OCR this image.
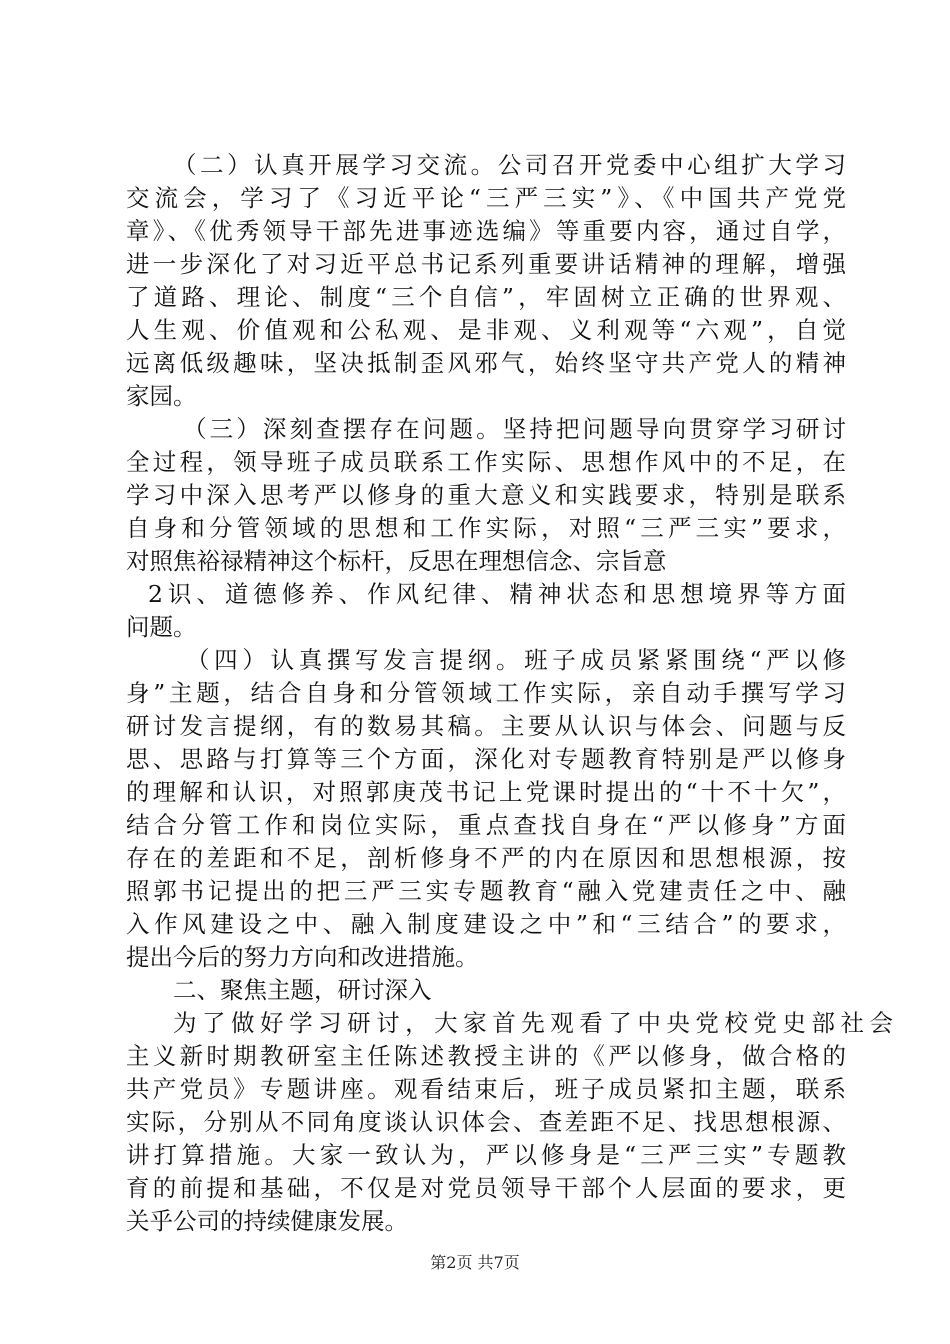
（二）认真开展学习交流。公司召开党委中心组扩大学习
交流会，学习了《习近平论“三严三实”》、《中国共产党党
章》、《优秀领导干部先进事迹选编》等重要内容，通过自学，
进一步深化了对习近平总书记系列重要讲话精神的理解，增强
了道路、理论、制度“三个自信”，牢固树立正确的世界观、
人生观、价值观和公私观、是非观、义利观等“六观”，自觉
远离低级趣味，坚决抵制歪风邪气，始终坚守共产党人的精神
家园。
（三）深刻查摆存在问题。坚持把问题导向贯穿学习研讨
全过程，领导班子成员联系工作实际、思想作风中的不足，在
学习中深入思考严以修身的重大意义和实践要求，特别是联系
自身和分管领域的思想和工作实际，对照“三严三实”要求，
对照焦裕禄精神这个标杆，反思在理想信念、宗旨意
2识、道德修养、作风纪律、精神状态和思想境界等方面
问题。
（四）认真撰写发言提纲。班子成员紧紧围绕“严以修
身”主题，结合自身和分管领域工作实际，亲自动手撰写学习
研讨发言提纲，有的数易其稿。主要从认识与体会、问题与反
思、思路与打算等三个方面，深化对专题教育特别是严以修身
的理解和认识，对照郭庚茂书记上党课时提出的“十不十欠”，
结合分管工作和岗位实际，重点查找自身在“严以修身”方面
存在的差距和不足，剖析修身不严的内在原因和思想根源，按
照郭书记提出的把三严三实专题教育“融入党建责任之中、融
入作风建设之中、融入制度建设之中”和“三结合”的要求，
提出今后的努力方向和改进措施。
二、聚焦主题，研讨深入
为了做好学习研讨，大家首先观看了中央党校党史部社会
主义新时期教研室主任陈述教授主讲的《严以修身，做合格的
共产党员》专题讲座。观看结束后，班子成员紧扣主题，联系
实际，分别从不同角度谈认识体会、查差距不足、找思想根源、
讲打算措施。大家一致认为，严以修身是“三严三实”专题教
育的前提和基础，不仅是对党员领导干部个人层面的要求，更
关乎公司的持续健康发展。
第2页 共7页
